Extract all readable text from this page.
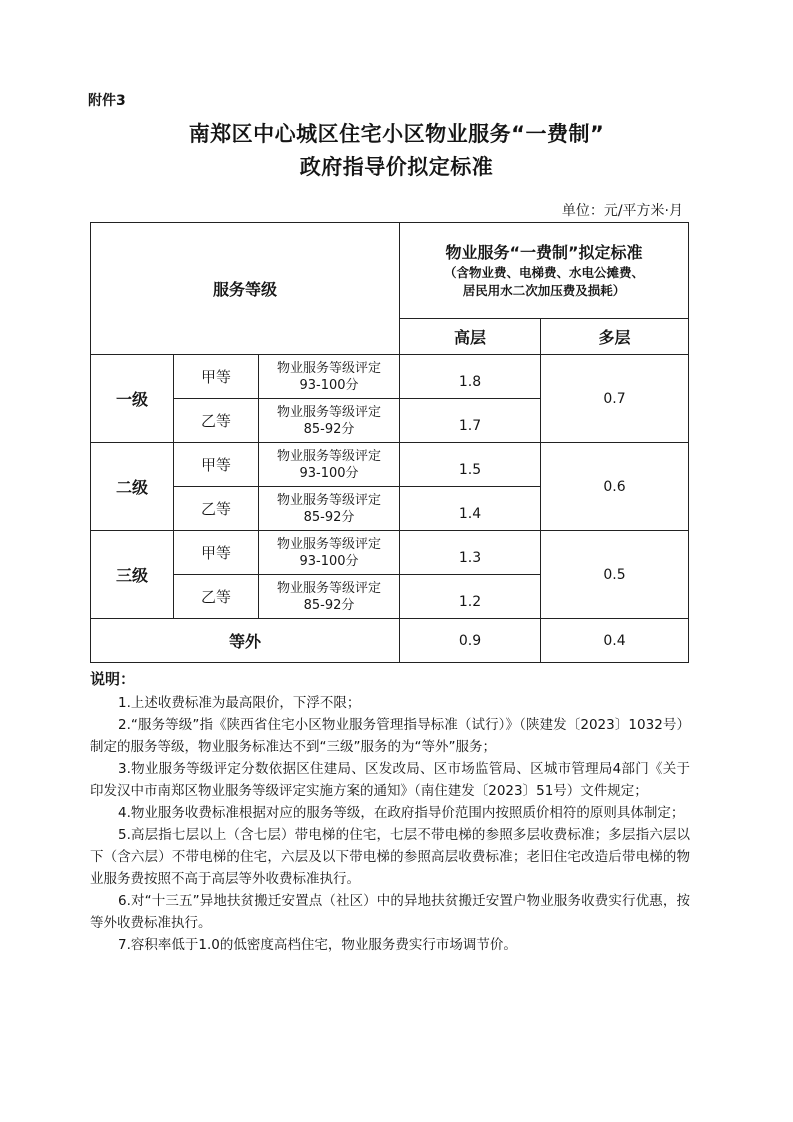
附件3
南郑区中心城区住宅小区物业服务“一费制”
政府指导价拟定标准
单位：元/平方米·月
服务等级			物业服务“一费制”拟定标准
（含物业费、电梯费、水电公摊费、
居民用水二次加压费及损耗）	

			高层	多层
一级	甲等	物业服务等级评定
93-100分	1.8	0.7
	乙等	物业服务等级评定
85-92分	1.7	

二级	甲等	物业服务等级评定
93-100分	1.5	0.6
	乙等	物业服务等级评定
85-92分	1.4	

三级	甲等	物业服务等级评定
93-100分	1.3	0.5
	乙等	物业服务等级评定
85-92分	1.2	

等外			0.9	0.4
说明：
1.上述收费标准为最高限价，下浮不限；
2.“服务等级”指《陕西省住宅小区物业服务管理指导标准（试行）》（陕建发〔2023〕1032号）制定的服务等级，物业服务标准达不到“三级”服务的为“等外”服务；
3.物业服务等级评定分数依据区住建局、区发改局、区市场监管局、区城市管理局4部门《关于印发汉中市南郑区物业服务等级评定实施方案的通知》（南住建发〔2023〕51号）文件规定；
4.物业服务收费标准根据对应的服务等级，在政府指导价范围内按照质价相符的原则具体制定；
5.高层指七层以上（含七层）带电梯的住宅，七层不带电梯的参照多层收费标准；多层指六层以下（含六层）不带电梯的住宅，六层及以下带电梯的参照高层收费标准；老旧住宅改造后带电梯的物业服务费按照不高于高层等外收费标准执行。
6.对“十三五”异地扶贫搬迁安置点（社区）中的异地扶贫搬迁安置户物业服务收费实行优惠，按等外收费标准执行。
7.容积率低于1.0的低密度高档住宅，物业服务费实行市场调节价。
